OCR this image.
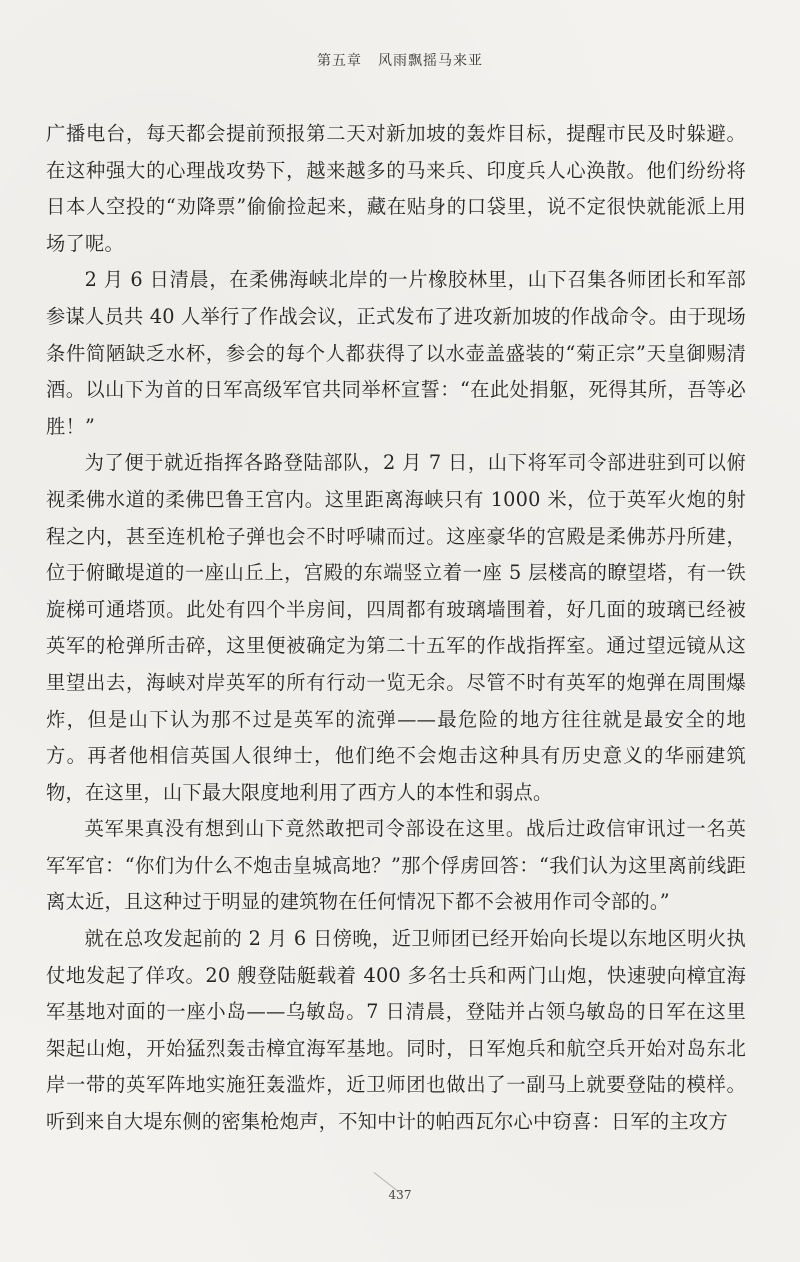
第五章 风雨飘摇马来亚

广播电台，每天都会提前预报第二天对新加坡的轰炸目标，提醒市民及时躲避。在这种强大的心理战攻势下，越来越多的马来兵、印度兵人心涣散。他们纷纷将日本人空投的“劝降票”偷偷捡起来，藏在贴身的口袋里，说不定很快就能派上用场了呢。

2 月 6 日清晨，在柔佛海峡北岸的一片橡胶林里，山下召集各师团长和军部参谋人员共 40 人举行了作战会议，正式发布了进攻新加坡的作战命令。由于现场条件简陋缺乏水杯，参会的每个人都获得了以水壶盖盛装的“菊正宗”天皇御赐清酒。以山下为首的日军高级军官共同举杯宣誓：“在此处捐躯，死得其所，吾等必胜！”

为了便于就近指挥各路登陆部队，2 月 7 日，山下将军司令部进驻到可以俯视柔佛水道的柔佛巴鲁王宫内。这里距离海峡只有 1000 米，位于英军火炮的射程之内，甚至连机枪子弹也会不时呼啸而过。这座豪华的宫殿是柔佛苏丹所建，位于俯瞰堤道的一座山丘上，宫殿的东端竖立着一座 5 层楼高的瞭望塔，有一铁旋梯可通塔顶。此处有四个半房间，四周都有玻璃墙围着，好几面的玻璃已经被英军的枪弹所击碎，这里便被确定为第二十五军的作战指挥室。通过望远镜从这里望出去，海峡对岸英军的所有行动一览无余。尽管不时有英军的炮弹在周围爆炸，但是山下认为那不过是英军的流弹——最危险的地方往往就是最安全的地方。再者他相信英国人很绅士，他们绝不会炮击这种具有历史意义的华丽建筑物，在这里，山下最大限度地利用了西方人的本性和弱点。

英军果真没有想到山下竟然敢把司令部设在这里。战后辻政信审讯过一名英军军官：“你们为什么不炮击皇城高地？”那个俘虏回答：“我们认为这里离前线距离太近，且这种过于明显的建筑物在任何情况下都不会被用作司令部的。”

就在总攻发起前的 2 月 6 日傍晚，近卫师团已经开始向长堤以东地区明火执仗地发起了佯攻。20 艘登陆艇载着 400 多名士兵和两门山炮，快速驶向樟宜海军基地对面的一座小岛——乌敏岛。7 日清晨，登陆并占领乌敏岛的日军在这里架起山炮，开始猛烈轰击樟宜海军基地。同时，日军炮兵和航空兵开始对岛东北岸一带的英军阵地实施狂轰滥炸，近卫师团也做出了一副马上就要登陆的模样。听到来自大堤东侧的密集枪炮声，不知中计的帕西瓦尔心中窃喜：日军的主攻方

437
